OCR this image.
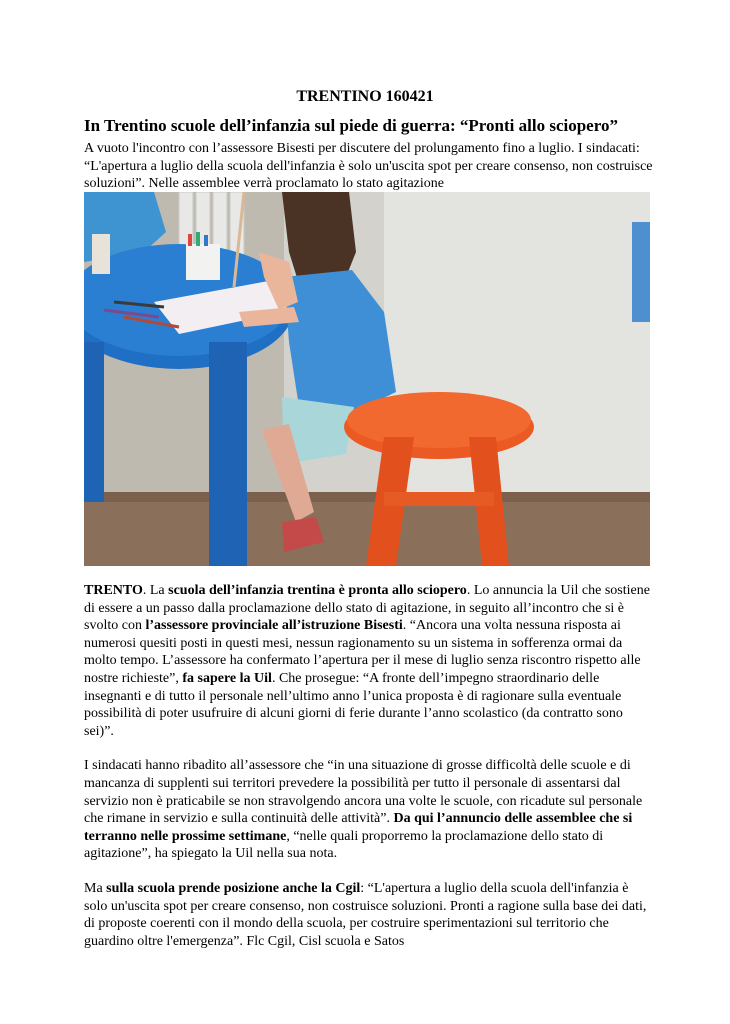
TRENTINO 160421
In Trentino scuole dell’infanzia sul piede di guerra: “Pronti allo sciopero”
A vuoto l'incontro con l’assessore Bisesti per discutere del prolungamento fino a luglio. I sindacati: “L'apertura a luglio della scuola dell'infanzia è solo un'uscita spot per creare consenso, non costruisce soluzioni”. Nelle assemblee verrà proclamato lo stato agitazione

TRENTO. La scuola dell’infanzia trentina è pronta allo sciopero. Lo annuncia la Uil che sostiene di essere a un passo dalla proclamazione dello stato di agitazione, in seguito all’incontro che si è svolto con l’assessore provinciale all’istruzione Bisesti. “Ancora una volta nessuna risposta ai numerosi quesiti posti in questi mesi, nessun ragionamento su un sistema in sofferenza ormai da molto tempo. L’assessore ha confermato l’apertura per il mese di luglio senza riscontro rispetto alle nostre richieste”, fa sapere la Uil. Che prosegue: “A fronte dell’impegno straordinario delle insegnanti e di tutto il personale nell’ultimo anno l’unica proposta è di ragionare sulla eventuale possibilità di poter usufruire di alcuni giorni di ferie durante l’anno scolastico (da contratto sono sei)”.

I sindacati hanno ribadito all’assessore che “in una situazione di grosse difficoltà delle scuole e di mancanza di supplenti sui territori prevedere la possibilità per tutto il personale di assentarsi dal servizio non è praticabile se non stravolgendo ancora una volte le scuole, con ricadute sul personale che rimane in servizio e sulla continuità delle attività”. Da qui l’annuncio delle assemblee che si terranno nelle prossime settimane, “nelle quali proporremo la proclamazione dello stato di agitazione”, ha spiegato la Uil nella sua nota.

Ma sulla scuola prende posizione anche la Cgil: “L'apertura a luglio della scuola dell'infanzia è solo un'uscita spot per creare consenso, non costruisce soluzioni. Pronti a ragione sulla base dei dati, di proposte coerenti con il mondo della scuola, per costruire sperimentazioni sul territorio che guardino oltre l'emergenza”. Flc Cgil, Cisl scuola e Satos
